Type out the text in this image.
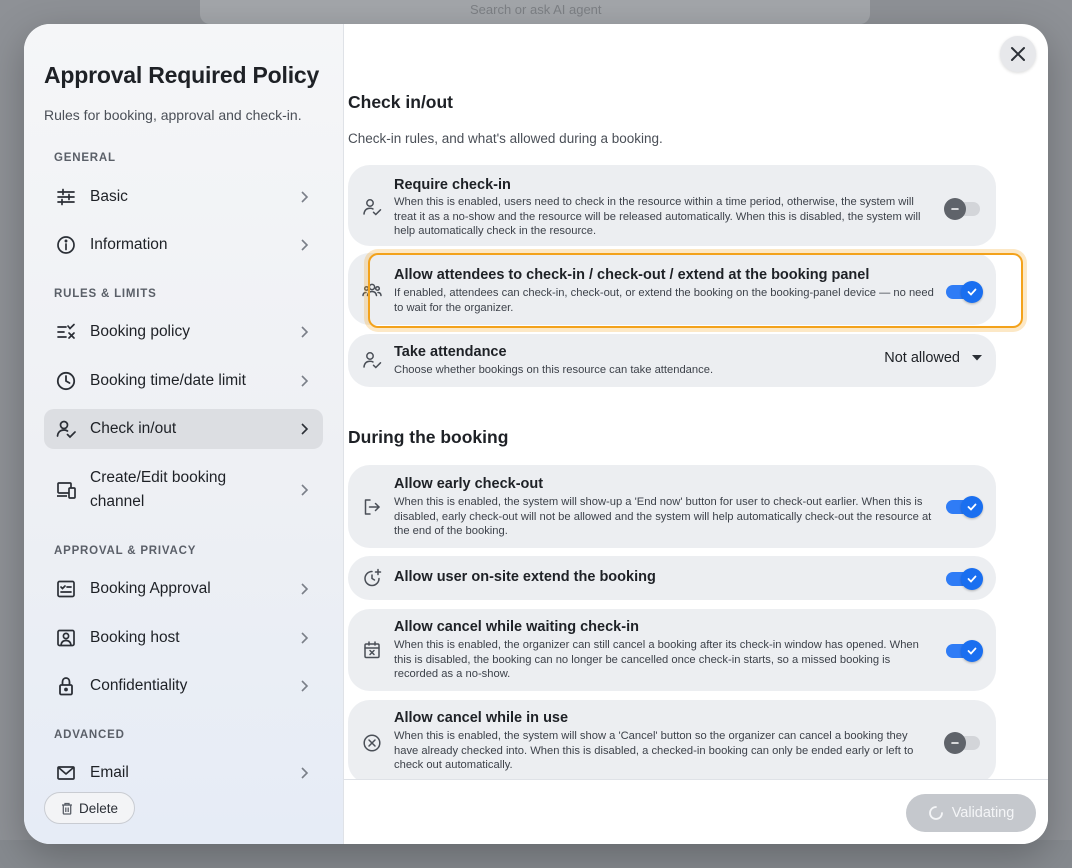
Search or ask AI agent
Approval Required Policy
Rules for booking, approval and check-in.
GENERAL
Basic
Information
RULES & LIMITS
Booking policy
Booking time/date limit
Check in/out
Create/Edit booking
channel
APPROVAL & PRIVACY
Booking Approval
Booking host
Confidentiality
ADVANCED
Email
Delete
Check in/out
Check-in rules, and what's allowed during a booking.
Require check-in
When this is enabled, users need to check in the resource within a time period, otherwise, the system will treat it as a no-show and the resource will be released automatically. When this is disabled, the system will help automatically check in the resource.
Allow attendees to check-in / check-out / extend at the booking panel
If enabled, attendees can check-in, check-out, or extend the booking on the booking-panel device — no need to wait for the organizer.
Take attendance
Choose whether bookings on this resource can take attendance.
Not allowed
During the booking
Allow early check-out
When this is enabled, the system will show-up a 'End now' button for user to check-out earlier. When this is disabled, early check-out will not be allowed and the system will help automatically check-out the resource at the end of the booking.
Allow user on-site extend the booking
Allow cancel while waiting check-in
When this is enabled, the organizer can still cancel a booking after its check-in window has opened. When this is disabled, the booking can no longer be cancelled once check-in starts, so a missed booking is recorded as a no-show.
Allow cancel while in use
When this is enabled, the system will show a 'Cancel' button so the organizer can cancel a booking they have already checked into. When this is disabled, a checked-in booking can only be ended early or left to check out automatically.
Validating
